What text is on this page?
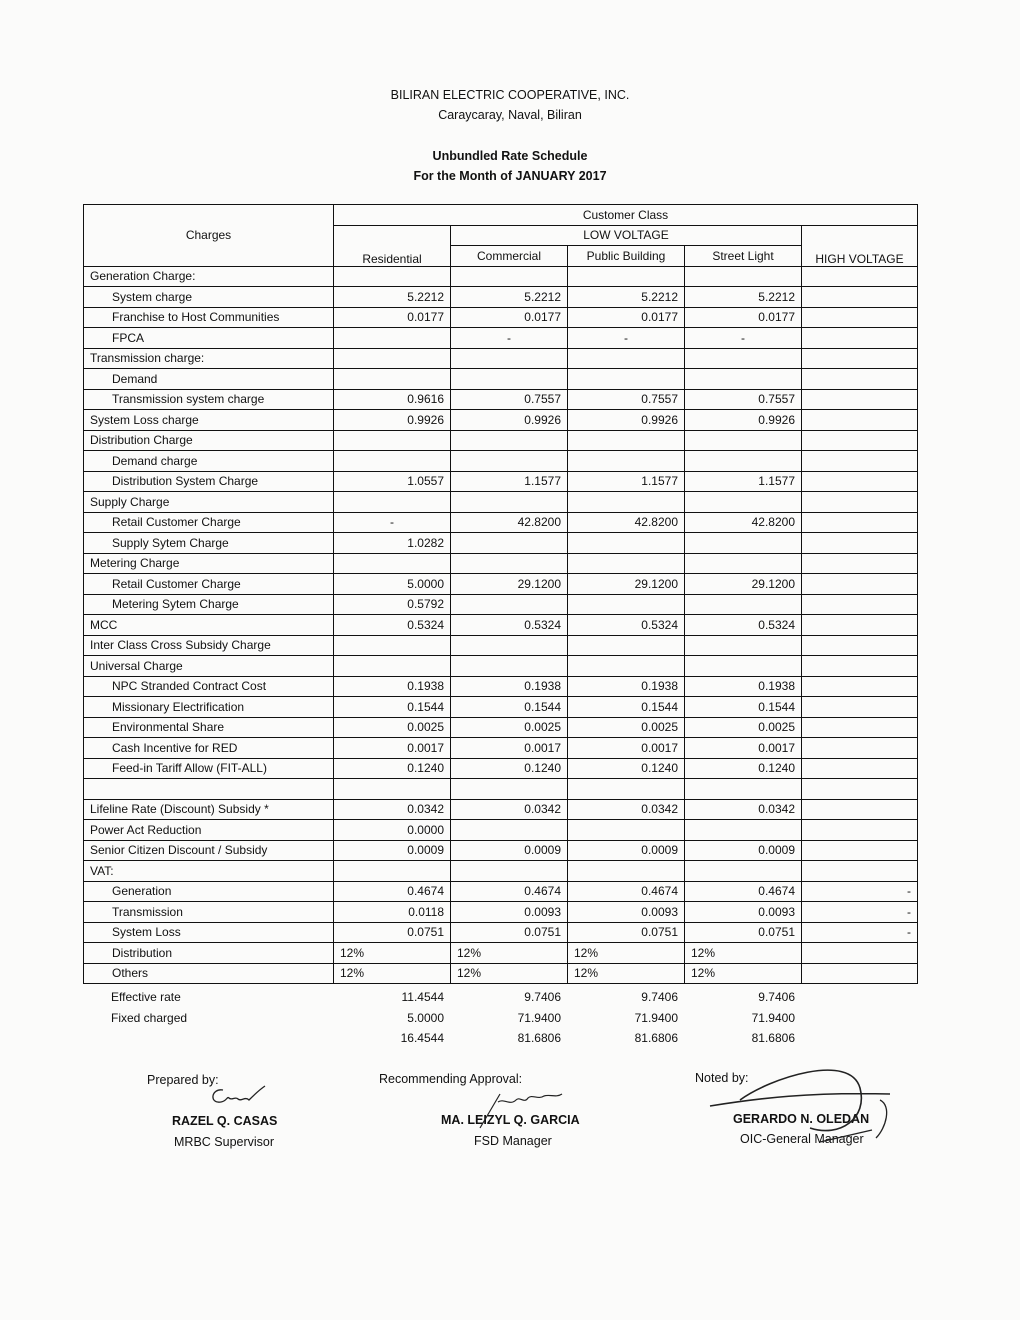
BILIRAN ELECTRIC COOPERATIVE, INC.
Caraycaray, Naval, Biliran
Unbundled Rate Schedule
For the Month of JANUARY 2017
Charges	Customer Class				
	Residential	LOW VOLTAGE			HIGH VOLTAGE
		Commercial	Public Building	Street Light	
Generation Charge:					
System charge	5.2212	5.2212	5.2212	5.2212	
Franchise to Host Communities	0.0177	0.0177	0.0177	0.0177	
FPCA		-	-	-	
Transmission charge:					
Demand					
Transmission system charge	0.9616	0.7557	0.7557	0.7557	
System Loss charge	0.9926	0.9926	0.9926	0.9926	
Distribution Charge					
Demand charge					
Distribution System Charge	1.0557	1.1577	1.1577	1.1577	
Supply Charge					
Retail Customer Charge	-	42.8200	42.8200	42.8200	
Supply Sytem Charge	1.0282				
Metering Charge					
Retail Customer Charge	5.0000	29.1200	29.1200	29.1200	
Metering Sytem Charge	0.5792				
MCC	0.5324	0.5324	0.5324	0.5324	
Inter Class Cross Subsidy Charge					
Universal Charge					
NPC Stranded Contract Cost	0.1938	0.1938	0.1938	0.1938	
Missionary Electrification	0.1544	0.1544	0.1544	0.1544	
Environmental Share	0.0025	0.0025	0.0025	0.0025	
Cash Incentive for RED	0.0017	0.0017	0.0017	0.0017	
Feed-in Tariff Allow (FIT-ALL)	0.1240	0.1240	0.1240	0.1240	

Lifeline Rate (Discount) Subsidy *	0.0342	0.0342	0.0342	0.0342	
Power Act Reduction	0.0000				
Senior Citizen Discount / Subsidy	0.0009	0.0009	0.0009	0.0009	
VAT:					
Generation	0.4674	0.4674	0.4674	0.4674	-
Transmission	0.0118	0.0093	0.0093	0.0093	-
System Loss	0.0751	0.0751	0.0751	0.0751	-
Distribution	12%	12%	12%	12%	
Others	12%	12%	12%	12%	
Effective rate	11.4544	9.7406	9.7406	9.7406	
Fixed charged	5.0000	71.9400	71.9400	71.9400	
	16.4544	81.6806	81.6806	81.6806	
Prepared by:
RAZEL Q. CASAS
MRBC Supervisor
Recommending Approval:
MA. LEIZYL Q. GARCIA
FSD Manager
Noted by:
GERARDO N. OLEDAN
OIC-General Manager
